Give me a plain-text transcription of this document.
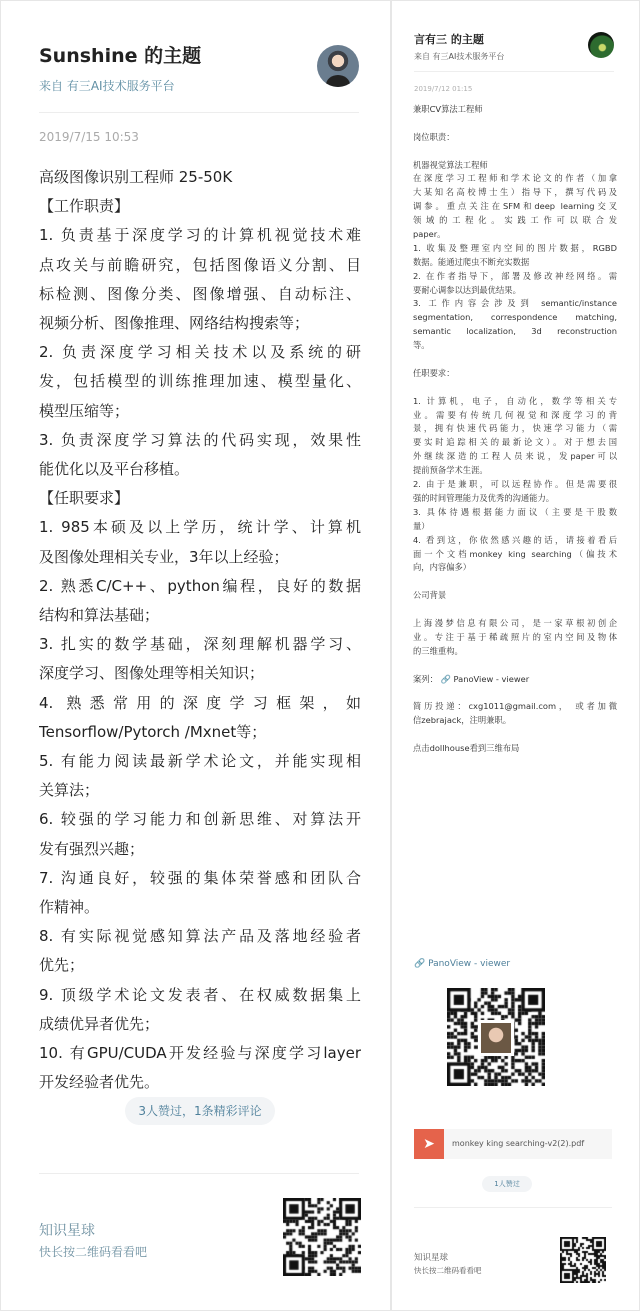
Sunshine 的主题
来自 有三AI技术服务平台
2019/7/15 10:53
高级图像识别工程师 25-50K
【工作职责】
1. 负责基于深度学习的计算机视觉技术难
点攻关与前瞻研究，包括图像语义分割、目
标检测、图像分类、图像增强、自动标注、
视频分析、图像推理、网络结构搜索等；
2. 负责深度学习相关技术以及系统的研
发，包括模型的训练推理加速、模型量化、
模型压缩等；
3. 负责深度学习算法的代码实现，效果性
能优化以及平台移植。
【任职要求】
1. 985本硕及以上学历，统计学、计算机
及图像处理相关专业，3年以上经验；
2. 熟悉C/C++、python编程，良好的数据
结构和算法基础；
3. 扎实的数学基础，深刻理解机器学习、
深度学习、图像处理等相关知识；
4. 熟悉常用的深度学习框架，如
Tensorflow/Pytorch /Mxnet等；
5. 有能力阅读最新学术论文，并能实现相
关算法；
6. 较强的学习能力和创新思维、对算法开
发有强烈兴趣；
7. 沟通良好，较强的集体荣誉感和团队合
作精神。
8. 有实际视觉感知算法产品及落地经验者
优先；
9. 顶级学术论文发表者、在权威数据集上
成绩优异者优先；
10. 有GPU/CUDA开发经验与深度学习layer
开发经验者优先。
3人赞过，1条精彩评论
知识星球
快长按二维码看看吧
言有三 的主题
来自 有三AI技术服务平台
2019/7/12 01:15
兼职CV算法工程师
岗位职责：
机器视觉算法工程师
在深度学习工程师和学术论文的作者（加拿
大某知名高校博士生）指导下，撰写代码及
调参。重点关注在SFM和deep learning交叉
领域的工程化。实践工作可以联合发
paper。
1. 收集及整理室内空间的图片数据，RGBD
数据。能通过爬虫不断充实数据
2. 在作者指导下，部署及修改神经网络。需
要耐心调参以达到最优结果。
3. 工作内容会涉及到 semantic/instance
segmentation, correspondence matching,
semantic localization, 3d reconstruction
等。
任职要求：
1. 计算机，电子，自动化，数学等相关专
业。需要有传统几何视觉和深度学习的背
景，拥有快速代码能力，快速学习能力（需
要实时追踪相关的最新论文）。对于想去国
外继续深造的工程人员来说，发paper可以
提前预备学术生涯。
2. 由于是兼职，可以远程协作。但是需要很
强的时间管理能力及优秀的沟通能力。
3. 具体待遇根据能力面议（主要是干股数
量）
4. 看到这，你依然感兴趣的话，请接着看后
面一个文档monkey king searching（偏技术
向，内容偏多）
公司背景
上海漫梦信息有限公司，是一家草根初创企
业。专注于基于稀疏照片的室内空间及物体
的三维重构。
案列： 🔗 PanoView - viewer
简历投递：cxg1011@gmail.com， 或者加微
信zebrajack，注明兼职。
点击dollhouse看到三维布局
🔗 PanoView - viewer
➤	monkey king searching-v2(2).pdf
1人赞过
知识星球
快长按二维码看看吧
